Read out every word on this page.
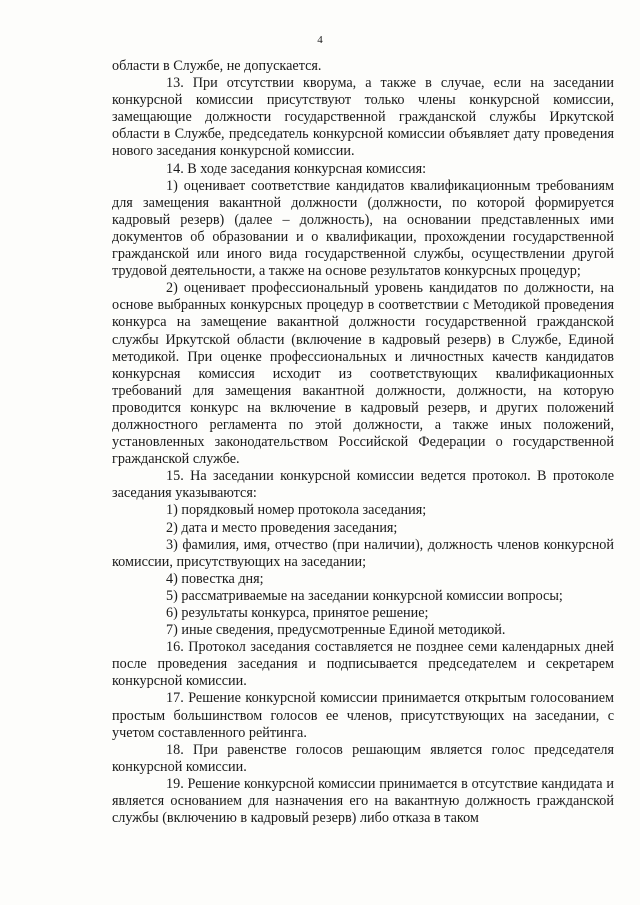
4

области в Службе, не допускается.

13. При отсутствии кворума, а также в случае, если на заседании конкурсной комиссии присутствуют только члены конкурсной комиссии, замещающие должности государственной гражданской службы Иркутской области в Службе, председатель конкурсной комиссии объявляет дату проведения нового заседания конкурсной комиссии.

14. В ходе заседания конкурсная комиссия:

1) оценивает соответствие кандидатов квалификационным требованиям для замещения вакантной должности (должности, по которой формируется кадровый резерв) (далее – должность), на основании представленных ими документов об образовании и о квалификации, прохождении государственной гражданской или иного вида государственной службы, осуществлении другой трудовой деятельности, а также на основе результатов конкурсных процедур;

2) оценивает профессиональный уровень кандидатов по должности, на основе выбранных конкурсных процедур в соответствии с Методикой проведения конкурса на замещение вакантной должности государственной гражданской службы Иркутской области (включение в кадровый резерв) в Службе, Единой методикой. При оценке профессиональных и личностных качеств кандидатов конкурсная комиссия исходит из соответствующих квалификационных требований для замещения вакантной должности, должности, на которую проводится конкурс на включение в кадровый резерв, и других положений должностного регламента по этой должности, а также иных положений, установленных законодательством Российской Федерации о государственной гражданской службе.

15. На заседании конкурсной комиссии ведется протокол. В протоколе заседания указываются:

1) порядковый номер протокола заседания;

2) дата и место проведения заседания;

3) фамилия, имя, отчество (при наличии), должность членов конкурсной комиссии, присутствующих на заседании;

4) повестка дня;

5) рассматриваемые на заседании конкурсной комиссии вопросы;

6) результаты конкурса, принятое решение;

7) иные сведения, предусмотренные Единой методикой.

16. Протокол заседания составляется не позднее семи календарных дней после проведения заседания и подписывается председателем и секретарем конкурсной комиссии.

17. Решение конкурсной комиссии принимается открытым голосованием простым большинством голосов ее членов, присутствующих на заседании, с учетом составленного рейтинга.

18. При равенстве голосов решающим является голос председателя конкурсной комиссии.

19. Решение конкурсной комиссии принимается в отсутствие кандидата и является основанием для назначения его на вакантную должность гражданской службы (включению в кадровый резерв) либо отказа в таком
